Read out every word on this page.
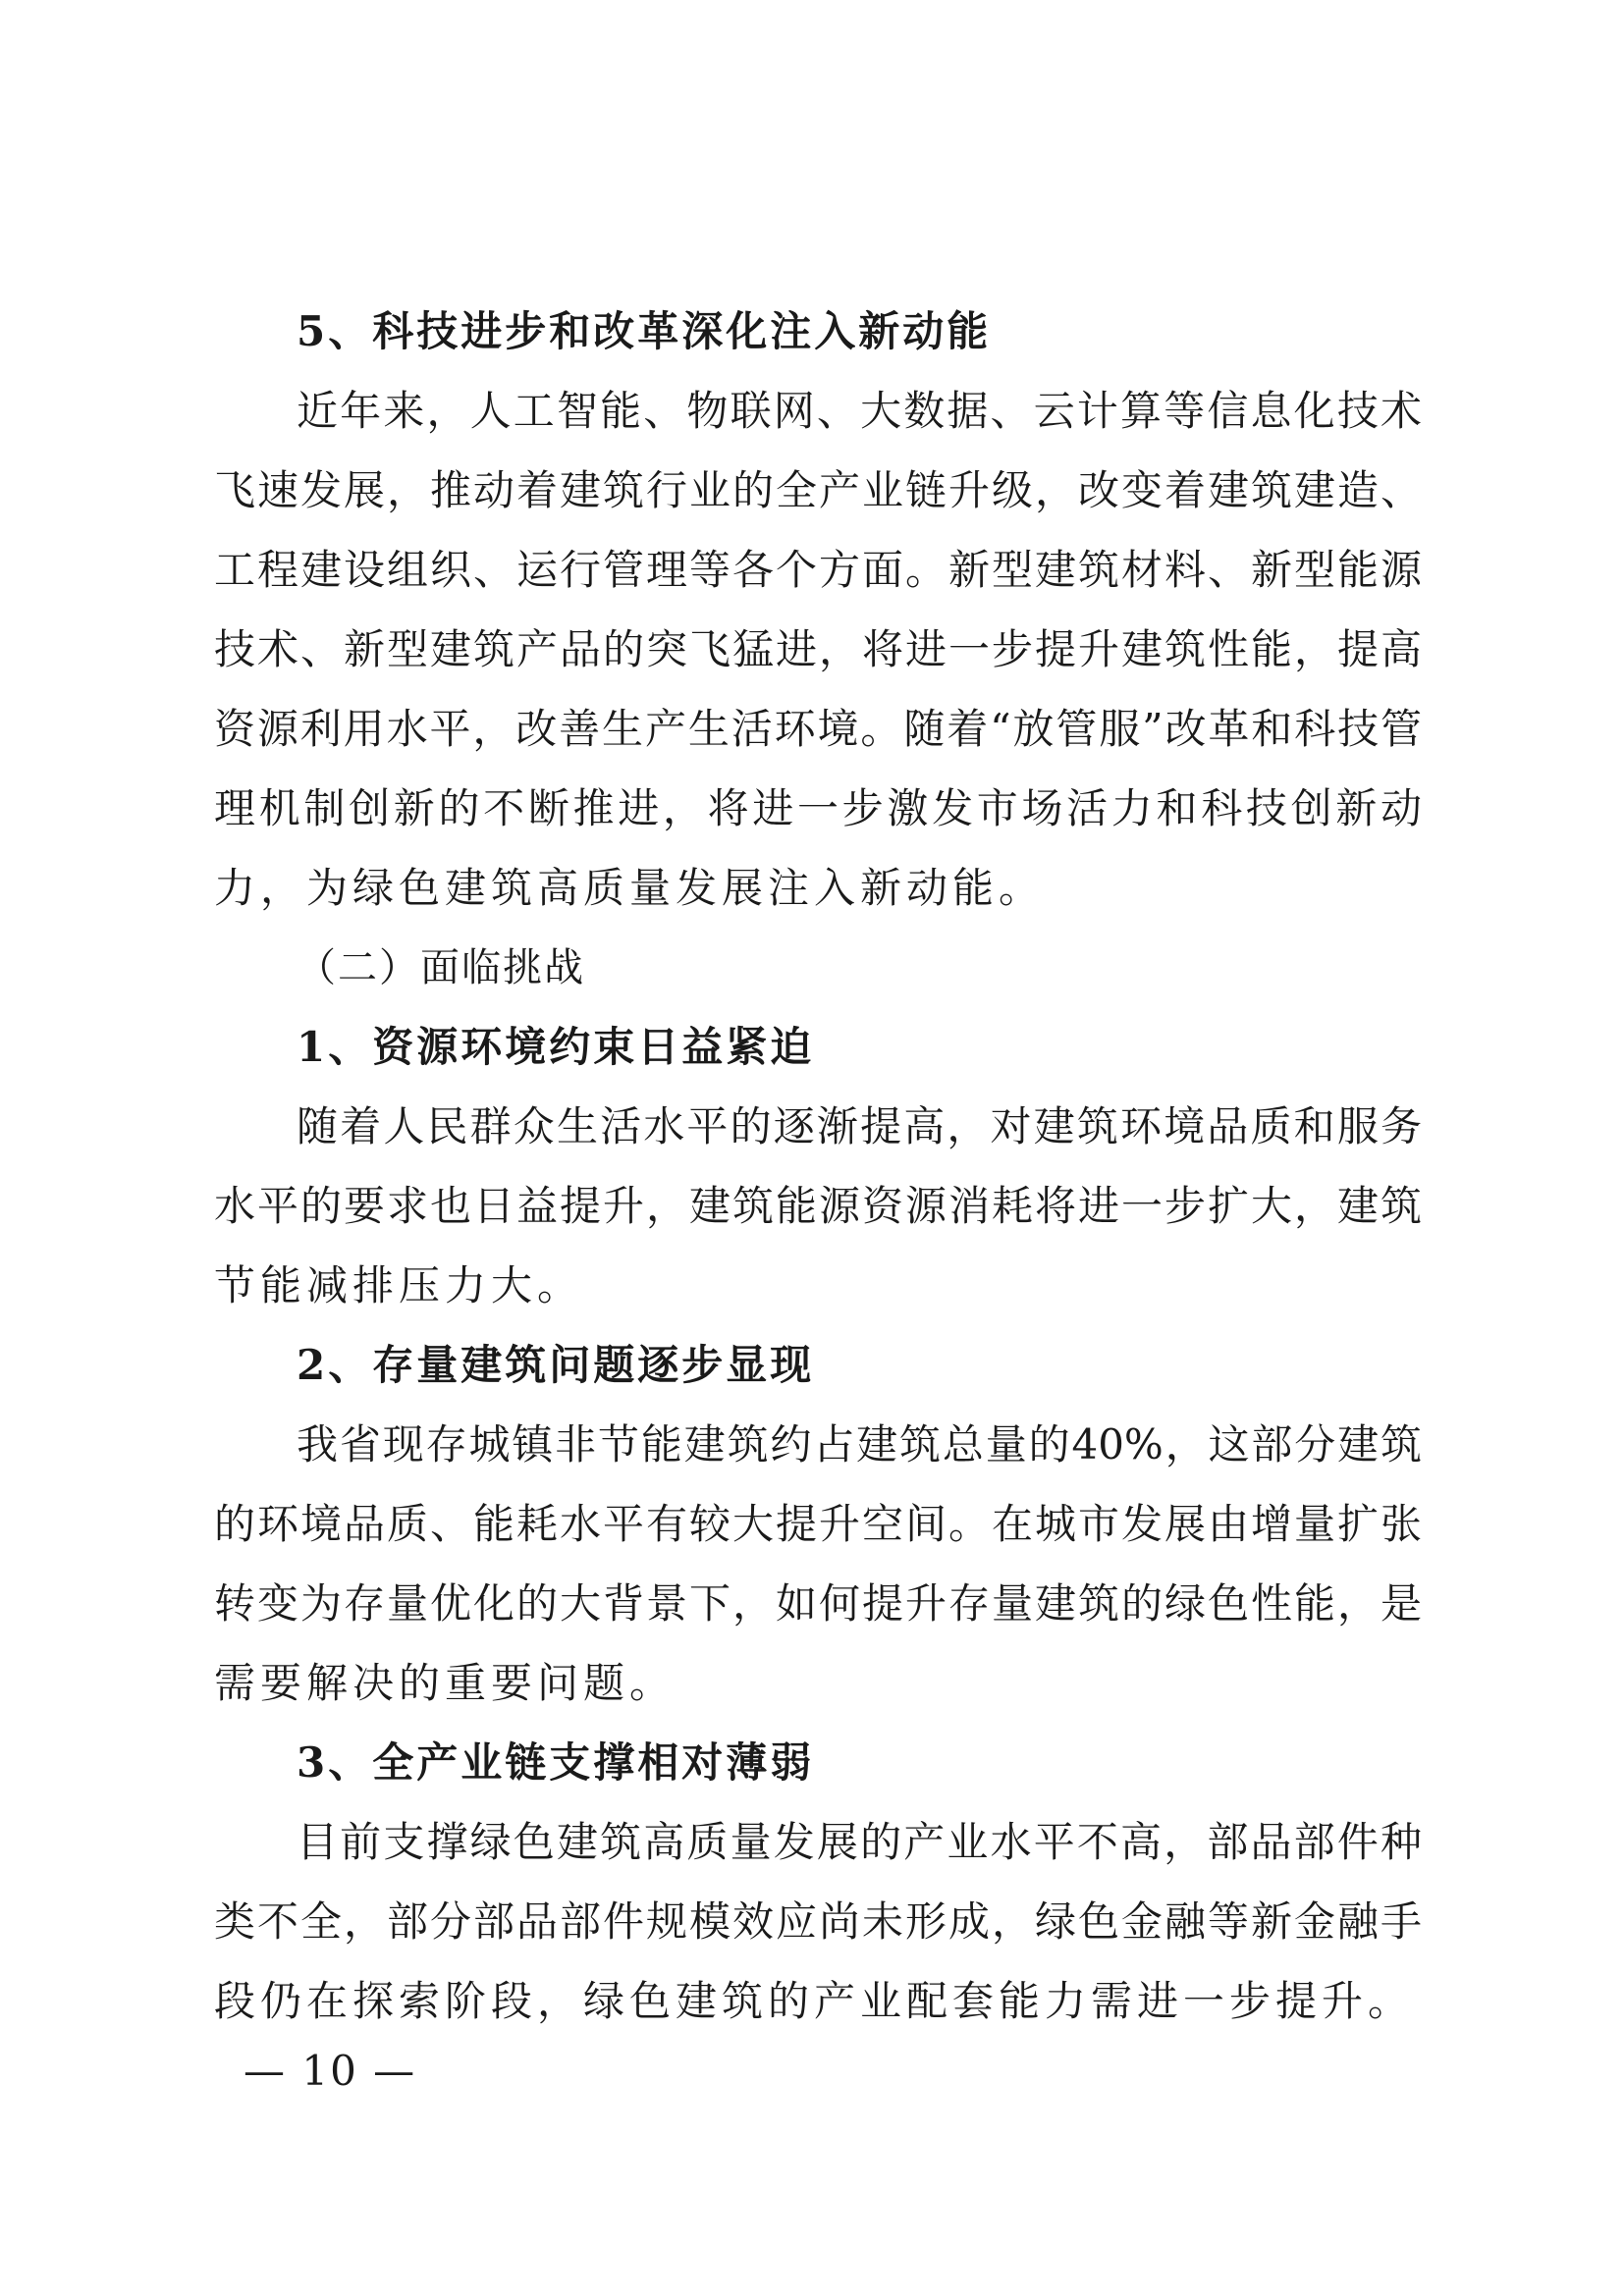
5、科技进步和改革深化注入新动能
近年来，人工智能、物联网、大数据、云计算等信息化技术
飞速发展，推动着建筑行业的全产业链升级，改变着建筑建造、
工程建设组织、运行管理等各个方面。新型建筑材料、新型能源
技术、新型建筑产品的突飞猛进，将进一步提升建筑性能，提高
资源利用水平，改善生产生活环境。随着“放管服”改革和科技管
理机制创新的不断推进，将进一步激发市场活力和科技创新动
力，为绿色建筑高质量发展注入新动能。
（二）面临挑战
1、资源环境约束日益紧迫
随着人民群众生活水平的逐渐提高，对建筑环境品质和服务
水平的要求也日益提升，建筑能源资源消耗将进一步扩大，建筑
节能减排压力大。
2、存量建筑问题逐步显现
我省现存城镇非节能建筑约占建筑总量的40%，这部分建筑
的环境品质、能耗水平有较大提升空间。在城市发展由增量扩张
转变为存量优化的大背景下，如何提升存量建筑的绿色性能，是
需要解决的重要问题。
3、全产业链支撑相对薄弱
目前支撑绿色建筑高质量发展的产业水平不高，部品部件种
类不全，部分部品部件规模效应尚未形成，绿色金融等新金融手
段仍在探索阶段，绿色建筑的产业配套能力需进一步提升。
— 10 —
